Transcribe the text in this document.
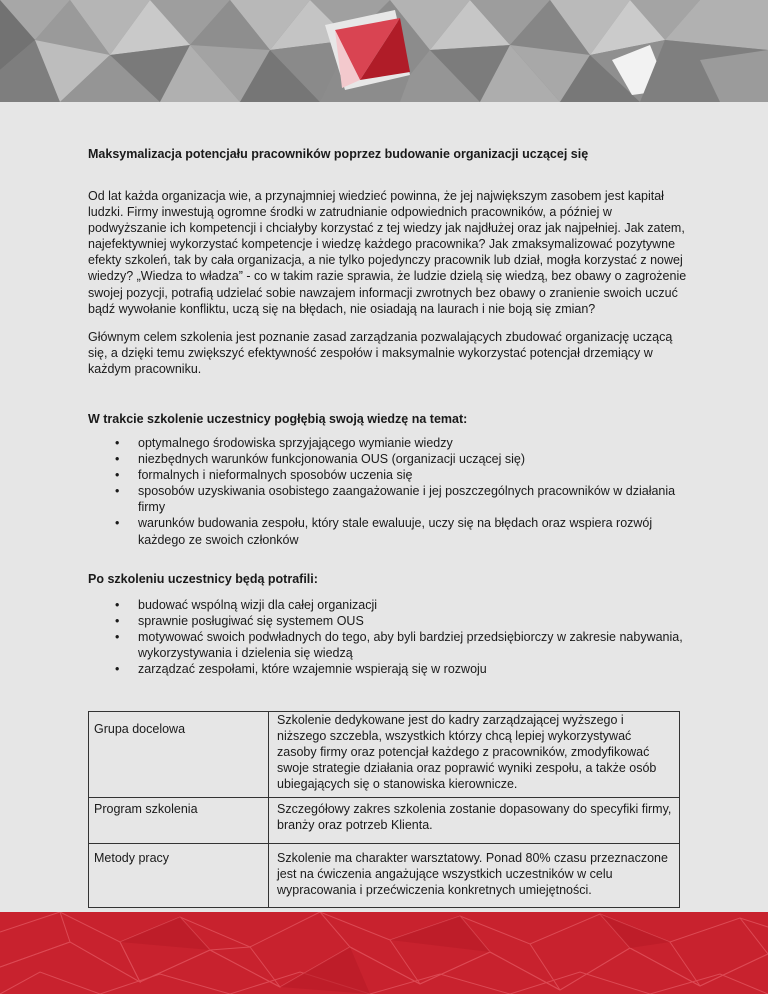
Maksymalizacja potencjału pracowników poprzez budowanie organizacji uczącej się

Od lat każda organizacja wie, a przynajmniej wiedzieć powinna, że jej największym zasobem jest kapitał ludzki. Firmy inwestują ogromne środki w zatrudnianie odpowiednich pracowników, a później w podwyższanie ich kompetencji i chciałyby korzystać z tej wiedzy jak najdłużej oraz jak najpełniej. Jak zatem, najefektywniej wykorzystać kompetencje i wiedzę każdego pracownika? Jak zmaksymalizować pozytywne efekty szkoleń, tak by cała organizacja, a nie tylko pojedynczy pracownik lub dział, mogła korzystać z nowej wiedzy? „Wiedza to władza” - co w takim razie sprawia, że ludzie dzielą się wiedzą, bez obawy o zagrożenie swojej pozycji, potrafią udzielać sobie nawzajem informacji zwrotnych bez obawy o zranienie swoich uczuć bądź wywołanie konfliktu, uczą się na błędach, nie osiadają na laurach i nie boją się zmian?

Głównym celem szkolenia jest poznanie zasad zarządzania pozwalających zbudować organizację uczącą się, a dzięki temu zwiększyć efektywność zespołów i maksymalnie wykorzystać potencjał drzemiący w każdym pracowniku.

W trakcie szkolenie uczestnicy pogłębią swoją wiedzę na temat:
• optymalnego środowiska sprzyjającego wymianie wiedzy
• niezbędnych warunków funkcjonowania OUS (organizacji uczącej się)
• formalnych i nieformalnych sposobów uczenia się
• sposobów uzyskiwania osobistego zaangażowanie i jej poszczególnych pracowników w działania firmy
• warunków budowania zespołu, który stale ewaluuje, uczy się na błędach oraz wspiera rozwój każdego ze swoich członków
Po szkoleniu uczestnicy będą potrafili:
• budować wspólną wizji dla całej organizacji
• sprawnie posługiwać się systemem OUS
• motywować swoich podwładnych do tego, aby byli bardziej przedsiębiorczy w zakresie nabywania, wykorzystywania i dzielenia się wiedzą
• zarządzać zespołami, które wzajemnie wspierają się w rozwoju
Grupa docelowa	Szkolenie dedykowane jest do kadry zarządzającej wyższego i niższego szczebla, wszystkich którzy chcą lepiej wykorzystywać zasoby firmy oraz potencjał każdego z pracowników, zmodyfikować swoje strategie działania oraz poprawić wyniki zespołu, a także osób ubiegających się o stanowiska kierownicze.

Program szkolenia	Szczegółowy zakres szkolenia zostanie dopasowany do specyfiki firmy, branży oraz potrzeb Klienta.

Metody pracy	Szkolenie ma charakter warsztatowy. Ponad 80% czasu przeznaczone jest na ćwiczenia angażujące wszystkich uczestników w celu wypracowania i przećwiczenia konkretnych umiejętności.
